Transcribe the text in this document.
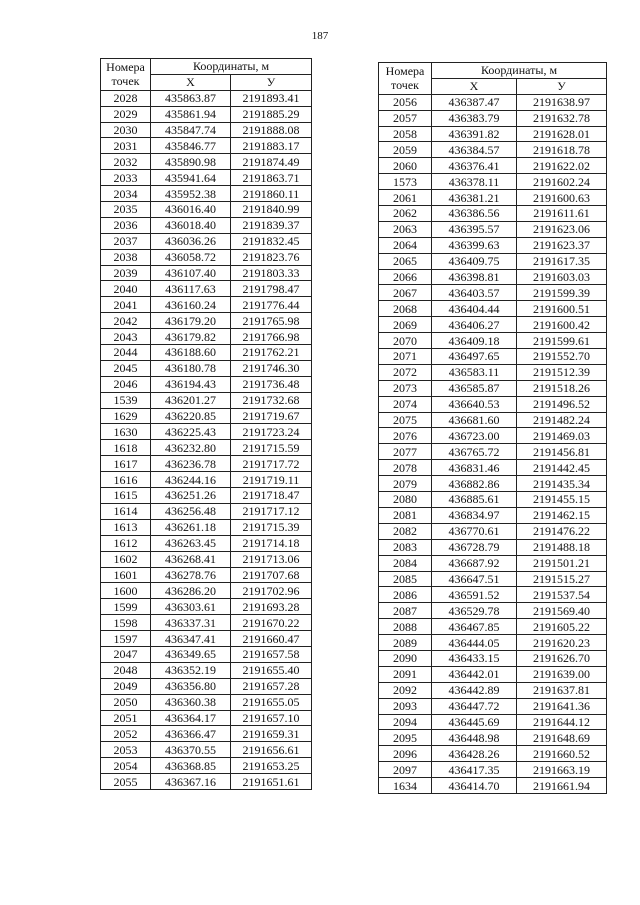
187
Номера
точек	Координаты, м	
	X	У
2028	435863.87	2191893.41
2029	435861.94	2191885.29
2030	435847.74	2191888.08
2031	435846.77	2191883.17
2032	435890.98	2191874.49
2033	435941.64	2191863.71
2034	435952.38	2191860.11
2035	436016.40	2191840.99
2036	436018.40	2191839.37
2037	436036.26	2191832.45
2038	436058.72	2191823.76
2039	436107.40	2191803.33
2040	436117.63	2191798.47
2041	436160.24	2191776.44
2042	436179.20	2191765.98
2043	436179.82	2191766.98
2044	436188.60	2191762.21
2045	436180.78	2191746.30
2046	436194.43	2191736.48
1539	436201.27	2191732.68
1629	436220.85	2191719.67
1630	436225.43	2191723.24
1618	436232.80	2191715.59
1617	436236.78	2191717.72
1616	436244.16	2191719.11
1615	436251.26	2191718.47
1614	436256.48	2191717.12
1613	436261.18	2191715.39
1612	436263.45	2191714.18
1602	436268.41	2191713.06
1601	436278.76	2191707.68
1600	436286.20	2191702.96
1599	436303.61	2191693.28
1598	436337.31	2191670.22
1597	436347.41	2191660.47
2047	436349.65	2191657.58
2048	436352.19	2191655.40
2049	436356.80	2191657.28
2050	436360.38	2191655.05
2051	436364.17	2191657.10
2052	436366.47	2191659.31
2053	436370.55	2191656.61
2054	436368.85	2191653.25
2055	436367.16	2191651.61
Номера
точек	Координаты, м	
	X	У
2056	436387.47	2191638.97
2057	436383.79	2191632.78
2058	436391.82	2191628.01
2059	436384.57	2191618.78
2060	436376.41	2191622.02
1573	436378.11	2191602.24
2061	436381.21	2191600.63
2062	436386.56	2191611.61
2063	436395.57	2191623.06
2064	436399.63	2191623.37
2065	436409.75	2191617.35
2066	436398.81	2191603.03
2067	436403.57	2191599.39
2068	436404.44	2191600.51
2069	436406.27	2191600.42
2070	436409.18	2191599.61
2071	436497.65	2191552.70
2072	436583.11	2191512.39
2073	436585.87	2191518.26
2074	436640.53	2191496.52
2075	436681.60	2191482.24
2076	436723.00	2191469.03
2077	436765.72	2191456.81
2078	436831.46	2191442.45
2079	436882.86	2191435.34
2080	436885.61	2191455.15
2081	436834.97	2191462.15
2082	436770.61	2191476.22
2083	436728.79	2191488.18
2084	436687.92	2191501.21
2085	436647.51	2191515.27
2086	436591.52	2191537.54
2087	436529.78	2191569.40
2088	436467.85	2191605.22
2089	436444.05	2191620.23
2090	436433.15	2191626.70
2091	436442.01	2191639.00
2092	436442.89	2191637.81
2093	436447.72	2191641.36
2094	436445.69	2191644.12
2095	436448.98	2191648.69
2096	436428.26	2191660.52
2097	436417.35	2191663.19
1634	436414.70	2191661.94
